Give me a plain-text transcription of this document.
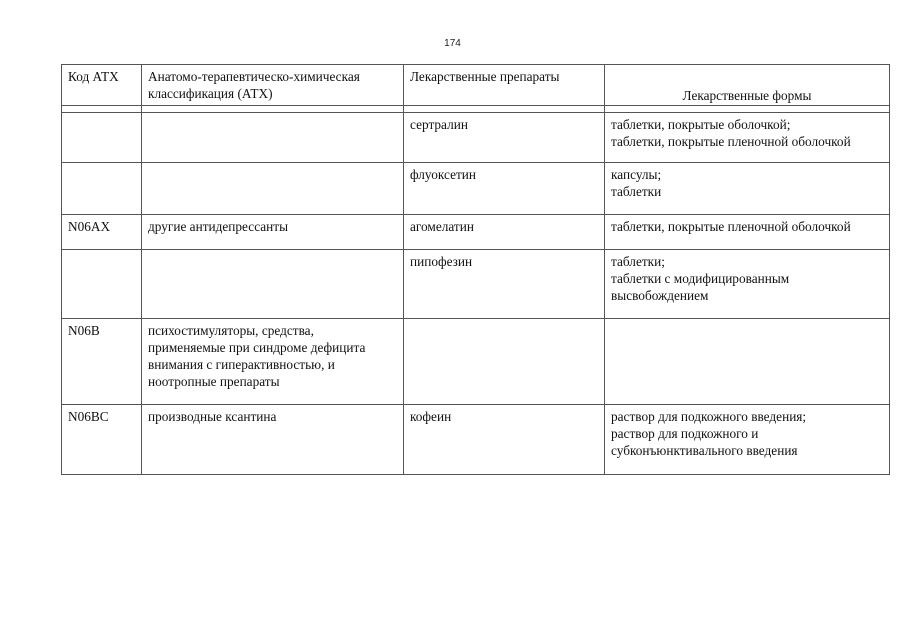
174
Код АТХ	Анатомо-терапевтическо-химическая
классификация (АТХ)	Лекарственные препараты	Лекарственные формы

		сертралин	таблетки, покрытые оболочкой;
таблетки, покрытые пленочной оболочкой
		флуоксетин	капсулы;
таблетки
N06AX	другие антидепрессанты	агомелатин	таблетки, покрытые пленочной оболочкой
		пипофезин	таблетки;
таблетки с модифицированным
высвобождением
N06B	психостимуляторы, средства,
применяемые при синдроме дефицита
внимания с гиперактивностью, и
ноотропные препараты		
N06BC	производные ксантина	кофеин	раствор для подкожного введения;
раствор для подкожного и
субконъюнктивального введения
